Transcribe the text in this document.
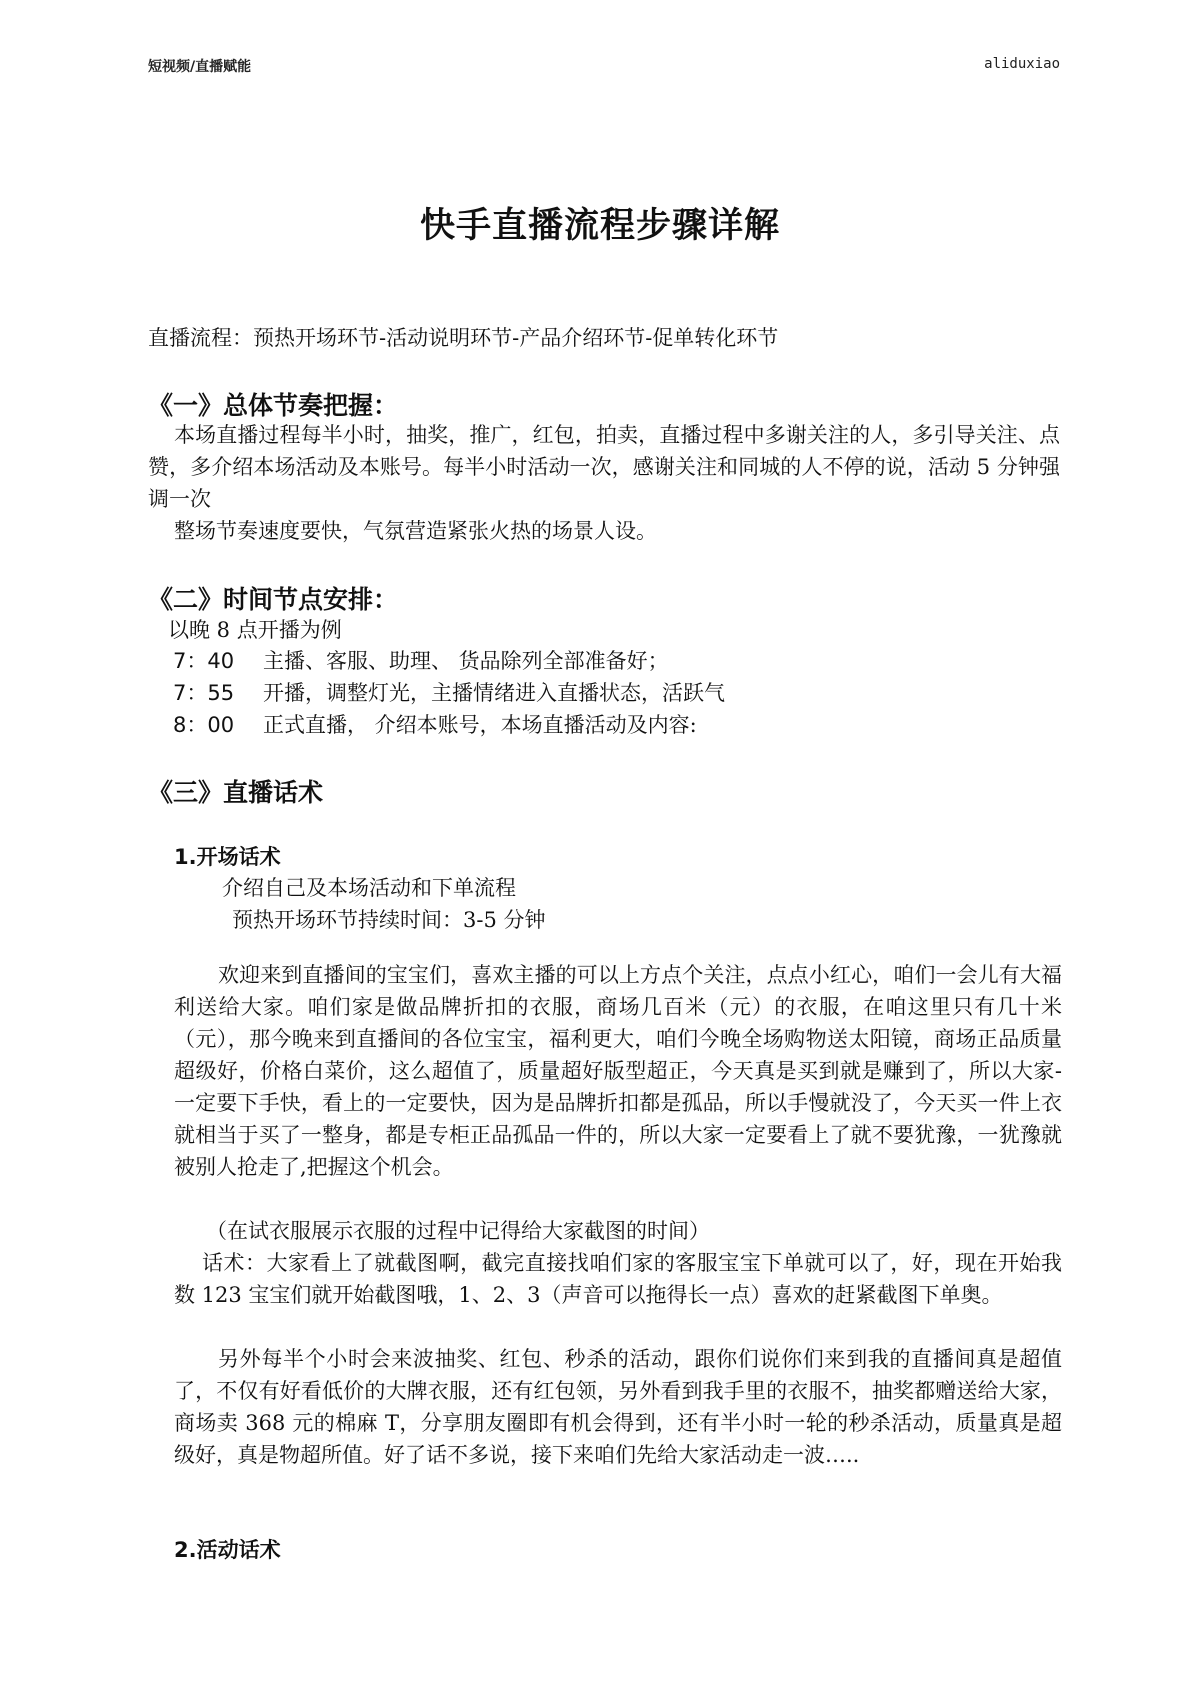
短视频/直播赋能	aliduxiao
快手直播流程步骤详解
直播流程：预热开场环节-活动说明环节-产品介绍环节-促单转化环节
《一》总体节奏把握：
本场直播过程每半小时，抽奖，推广，红包，拍卖，直播过程中多谢关注的人，多引导关注、点赞，多介绍本场活动及本账号。每半小时活动一次，感谢关注和同城的人不停的说，活动 5 分钟强调一次
整场节奏速度要快，气氛营造紧张火热的场景人设。
《二》时间节点安排：
以晚 8 点开播为例
7：40 主播、客服、助理、 货品除列全部准备好；
7：55 开播，调整灯光，主播情绪进入直播状态，活跃气
8：00 正式直播， 介绍本账号，本场直播活动及内容:
《三》直播话术
1.开场话术
介绍自己及本场活动和下单流程
预热开场环节持续时间：3-5 分钟
欢迎来到直播间的宝宝们，喜欢主播的可以上方点个关注，点点小红心，咱们一会儿有大福利送给大家。咱们家是做品牌折扣的衣服，商场几百米（元）的衣服，在咱这里只有几十米（元），那今晚来到直播间的各位宝宝，福利更大，咱们今晚全场购物送太阳镜，商场正品质量超级好，价格白菜价，这么超值了，质量超好版型超正，今天真是买到就是赚到了，所以大家-一定要下手快，看上的一定要快，因为是品牌折扣都是孤品，所以手慢就没了，今天买一件上衣就相当于买了一整身，都是专柜正品孤品一件的，所以大家一定要看上了就不要犹豫，一犹豫就被别人抢走了,把握这个机会。
（在试衣服展示衣服的过程中记得给大家截图的时间）
话术：大家看上了就截图啊，截完直接找咱们家的客服宝宝下单就可以了，好，现在开始我数 123 宝宝们就开始截图哦，1、2、3（声音可以拖得长一点）喜欢的赶紧截图下单奥。
另外每半个小时会来波抽奖、红包、秒杀的活动，跟你们说你们来到我的直播间真是超值了，不仅有好看低价的大牌衣服，还有红包领，另外看到我手里的衣服不，抽奖都赠送给大家，商场卖 368 元的棉麻 T，分享朋友圈即有机会得到，还有半小时一轮的秒杀活动，质量真是超级好，真是物超所值。好了话不多说，接下来咱们先给大家活动走一波…..
2.活动话术
